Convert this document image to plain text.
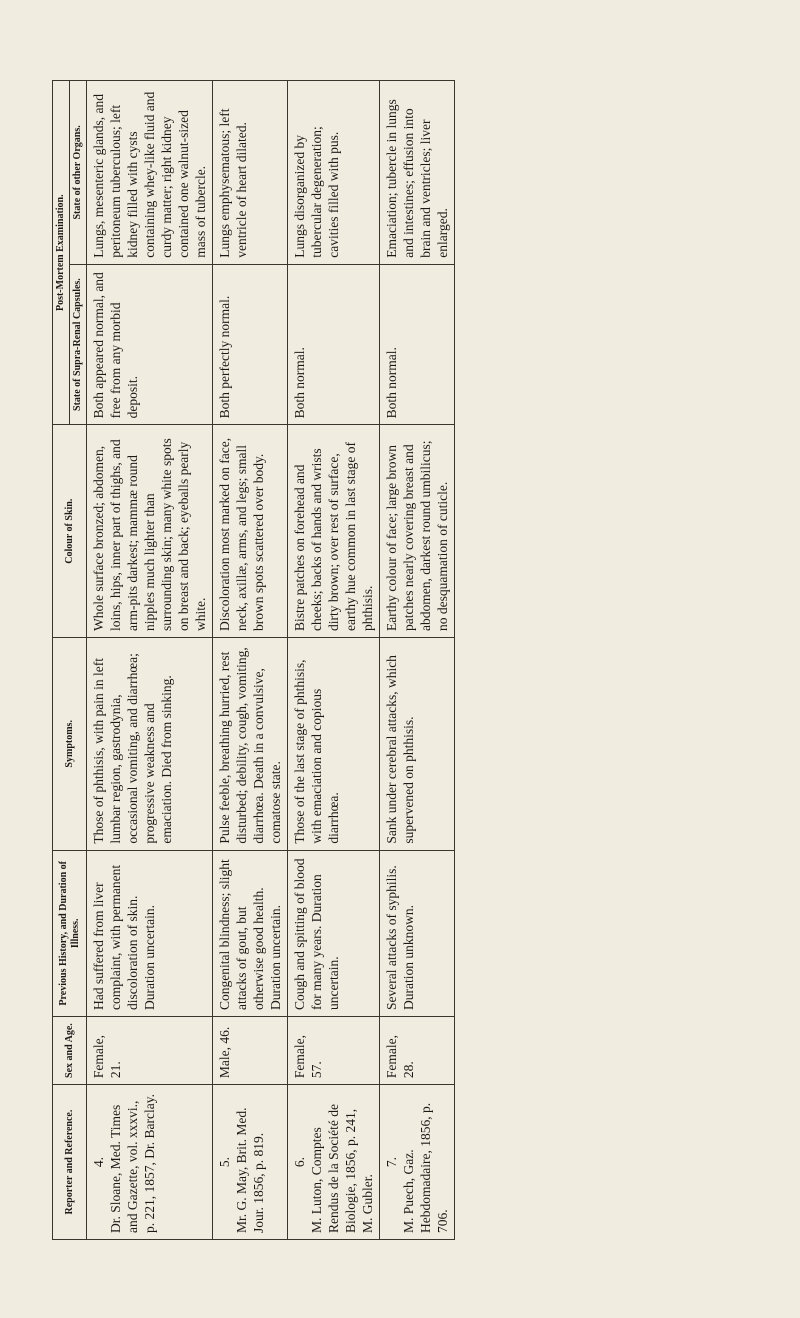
Reporter and Reference.	Sex and Age.	Previous History, and Duration of Illness.	Symptoms.	Colour of Skin.	Post-Mortem Examination.	
					State of Supra-Renal Capsules.	State of other Organs.

4. Dr. Sloane, Med. Times and Gazette, vol. xxxvi., p. 221, 1857, Dr. Barclay.	Female, 21.	Had suffered from liver complaint, with permanent discoloration of skin. Duration uncertain.	Those of phthisis, with pain in left lumbar region, gastrodynia, occasional vomiting, and diarrhœa; progressive weakness and emaciation. Died from sinking.	Whole surface bronzed; abdomen, loins, hips, inner part of thighs, and arm-pits darkest; mammæ round nipples much lighter than surrounding skin; many white spots on breast and back; eyeballs pearly white.	Both appeared normal, and free from any morbid deposit.	Lungs, mesenteric glands, and peritoneum tuberculous; left kidney filled with cysts containing whey-like fluid and curdy matter; right kidney contained one walnut-sized mass of tubercle.

5. Mr. G. May, Brit. Med. Jour. 1856, p. 819.	Male, 46.	Congenital blindness; slight attacks of gout, but otherwise good health. Duration uncertain.	Pulse feeble, breathing hurried, rest disturbed; debility, cough, vomiting, diarrhœa. Death in a convulsive, comatose state.	Discoloration most marked on face, neck, axillæ, arms, and legs; small brown spots scattered over body.	Both perfectly normal.	Lungs emphysematous; left ventricle of heart dilated.

6. M. Luton, Comptes Rendus de la Société de Biologie, 1856, p. 241, M. Gubler.	Female, 57.	Cough and spitting of blood for many years. Duration uncertain.	Those of the last stage of phthisis, with emaciation and copious diarrhœa.	Bistre patches on forehead and cheeks; backs of hands and wrists dirty brown; over rest of surface, earthy hue common in last stage of phthisis.	Both normal.	Lungs disorganized by tubercular degeneration; cavities filled with pus.

7. M. Puech, Gaz. Hebdomadaire, 1856, p. 706.	Female, 28.	Several attacks of syphilis. Duration unknown.	Sank under cerebral attacks, which supervened on phthisis.	Earthy colour of face; large brown patches nearly covering breast and abdomen, darkest round umbilicus; no desquamation of cuticle.	Both normal.	Emaciation; tubercle in lungs and intestines; effusion into brain and ventricles; liver enlarged.
